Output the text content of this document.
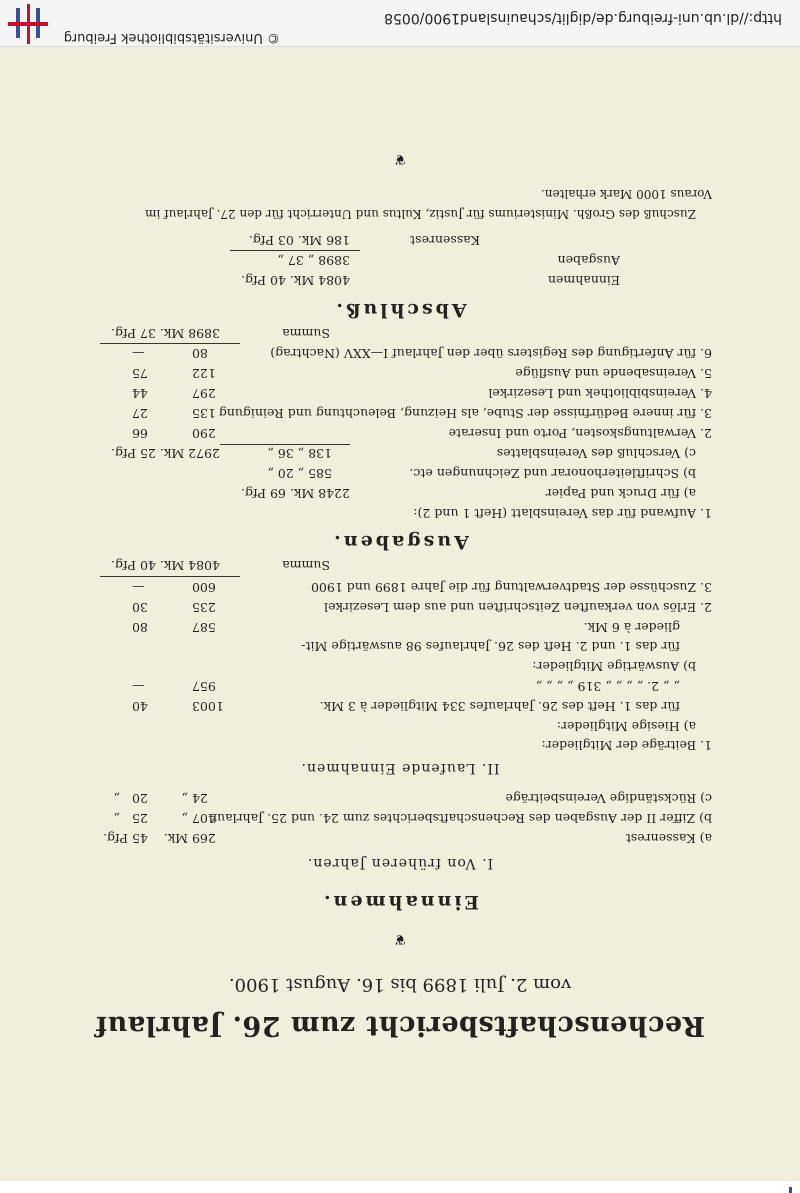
Rechenschaftsbericht zum 26. Jahrlauf
vom 2. Juli 1899 bis 16. August 1900.
❦
Einnahmen.
I. Von früheren Jahren.
a) Kassenrest
269
Mk.
45
Pfg.
b) Ziffer II der Ausgaben des Rechenschaftsberichtes zum 24. und 25. Jahrlauf
407
„
25
„
c) Rückständige Vereinsbeiträge
24
„
20
„
II. Laufende Einnahmen.
1. Beiträge der Mitglieder:
a) Hiesige Mitglieder:
für das 1. Heft des 26. Jahrlaufes 334 Mitglieder à 3 Mk.
1003
40
„ „ 2. „ „ „ „ 319 „ „ „ „
957
—
b) Auswärtige Mitglieder:
für das 1. und 2. Heft des 26. Jahrlaufes 98 auswärtige Mit-
glieder à 6 Mk.
587
80
2. Erlös von verkauften Zeitschriften und aus dem Lesezirkel
235
30
3. Zuschüsse der Stadtverwaltung für die Jahre 1899 und 1900
600
—
Summa
4084 Mk. 40 Pfg.
Ausgaben.
1. Aufwand für das Vereinsblatt (Heft 1 und 2):
a) für Druck und Papier
2248 Mk. 69 Pfg.
b) Schriftleiterhonorar und Zeichnungen etc.
585 „ 20 „
c) Verschluß des Vereinsblattes
138 „ 36 „
2972 Mk. 25 Pfg.
2. Verwaltungskosten, Porto und Inserate
290
66
3. für innere Bedürfnisse der Stube, als Heizung, Beleuchtung und Reinigung
135
27
4. Vereinsbibliothek und Lesezirkel
297
44
5. Vereinsabende und Ausflüge
122
75
6. für Anfertigung des Registers über den Jahrlauf I—XXV (Nachtrag)
80
—
Summa
3898 Mk. 37 Pfg.
Abschluß.
Einnahmen
4084 Mk. 40 Pfg.
Ausgaben
3898 „ 37 „
Kassenrest
186 Mk. 03 Pfg.
Zuschuß des Großh. Ministeriums für Justiz, Kultus und Unterricht für den 27. Jahrlauf im
Voraus 1000 Mark erhalten.
❦
http://dl.ub.uni-freiburg.de/diglit/schauinsland1900/0058
© Universitätsbibliothek Freiburg
